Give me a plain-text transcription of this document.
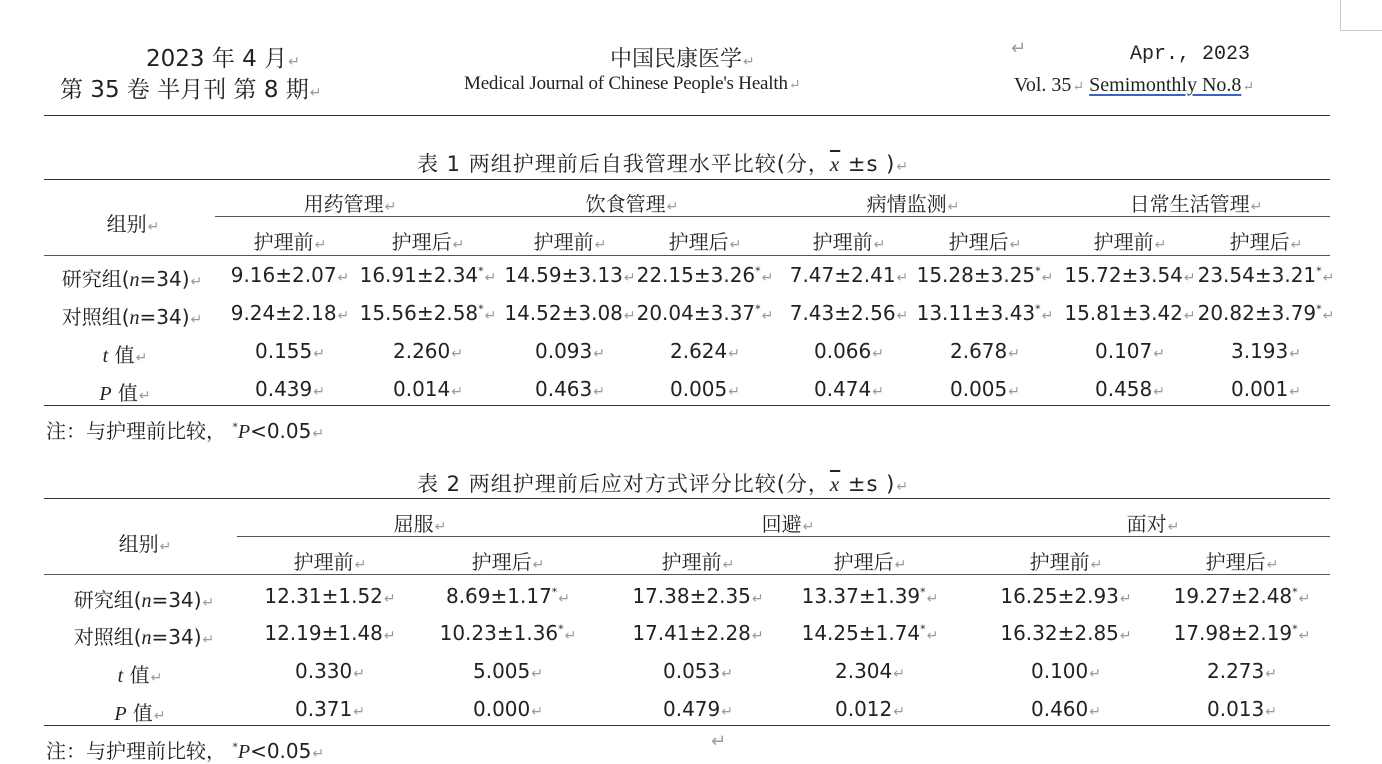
2023 年 4 月↵
第 35 卷 半月刊 第 8 期↵
中国民康医学↵
Medical Journal of Chinese People's Health↵
↵	Apr., 2023
Vol. 35↵ Semimonthly No.8↵
表 1 两组护理前后自我管理水平比较(分，$\overline{x} \pm s$ )↵
组别↵
用药管理↵	饮食管理↵	病情监测↵	日常生活管理↵
护理前↵	护理后↵	护理前↵	护理后↵	护理前↵	护理后↵	护理前↵	护理后↵
研究组(n=34)↵ 9.16±2.07↵ 16.91±2.34*↵ 14.59±3.13↵ 22.15±3.26*↵ 7.47±2.41↵ 15.28±3.25*↵ 15.72±3.54↵ 23.54±3.21*↵
对照组(n=34)↵ 9.24±2.18↵ 15.56±2.58*↵ 14.52±3.08↵ 20.04±3.37*↵ 7.43±2.56↵ 13.11±3.43*↵ 15.81±3.42↵ 20.82±3.79*↵
t 值↵	0.155↵	2.260↵	0.093↵	2.624↵	0.066↵	2.678↵	0.107↵	3.193↵
P 值↵	0.439↵	0.014↵	0.463↵	0.005↵	0.474↵	0.005↵	0.458↵	0.001↵
注：与护理前比较， *P<0.05↵
表 2 两组护理前后应对方式评分比较(分，$\overline{x} \pm s$ )↵
组别↵
屈服↵	回避↵	面对↵
护理前↵	护理后↵	护理前↵	护理后↵	护理前↵	护理后↵
研究组(n=34)↵	12.31±1.52↵	8.69±1.17*↵	17.38±2.35↵ 13.37±1.39*↵	16.25±2.93↵ 19.27±2.48*↵
对照组(n=34)↵	12.19±1.48↵ 10.23±1.36*↵	17.41±2.28↵ 14.25±1.74*↵	16.32±2.85↵ 17.98±2.19*↵
t 值↵	0.330↵	5.005↵	0.053↵	2.304↵	0.100↵	2.273↵
P 值↵	0.371↵	0.000↵	0.479↵	0.012↵	0.460↵	0.013↵
注：与护理前比较， *P<0.05↵
↵
